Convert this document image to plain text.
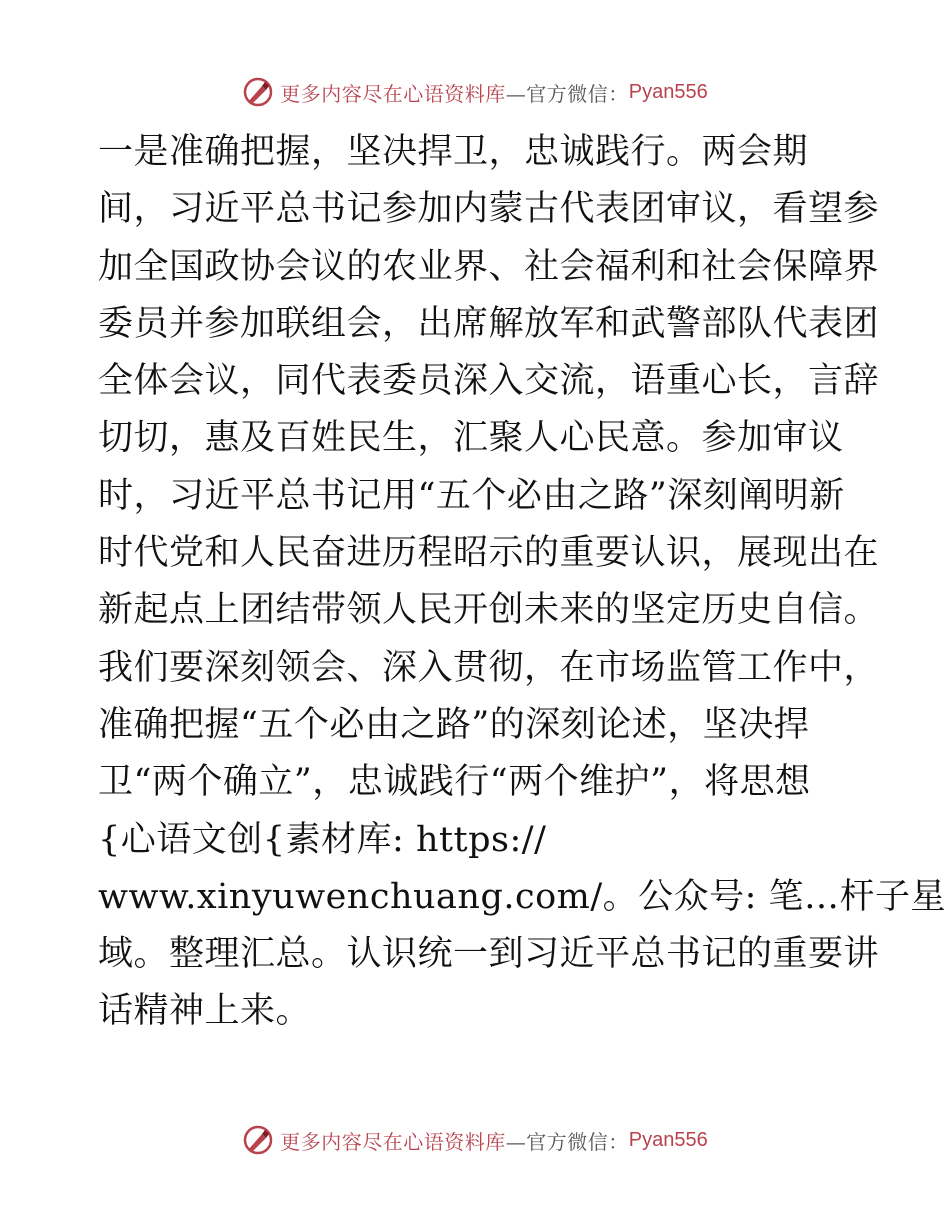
更多内容尽在心语资料库 —官方微信： Pyan556
一是准确把握，坚决捍卫，忠诚践行。两会期
间，习近平总书记参加内蒙古代表团审议，看望参
加全国政协会议的农业界、社会福利和社会保障界
委员并参加联组会，出席解放军和武警部队代表团
全体会议，同代表委员深入交流，语重心长，言辞
切切，惠及百姓民生，汇聚人心民意。参加审议
时，习近平总书记用“五个必由之路”深刻阐明新
时代党和人民奋进历程昭示的重要认识，展现出在
新起点上团结带领人民开创未来的坚定历史自信。
我们要深刻领会、深入贯彻，在市场监管工作中，
准确把握“五个必由之路”的深刻论述，坚决捍
卫“两个确立”，忠诚践行“两个维护”，将思想
{心语文创{素材库: https://
www.xinyuwenchuang.com/。公众号: 笔…杆子星
域。整理汇总。认识统一到习近平总书记的重要讲
话精神上来。
更多内容尽在心语资料库 —官方微信： Pyan556
